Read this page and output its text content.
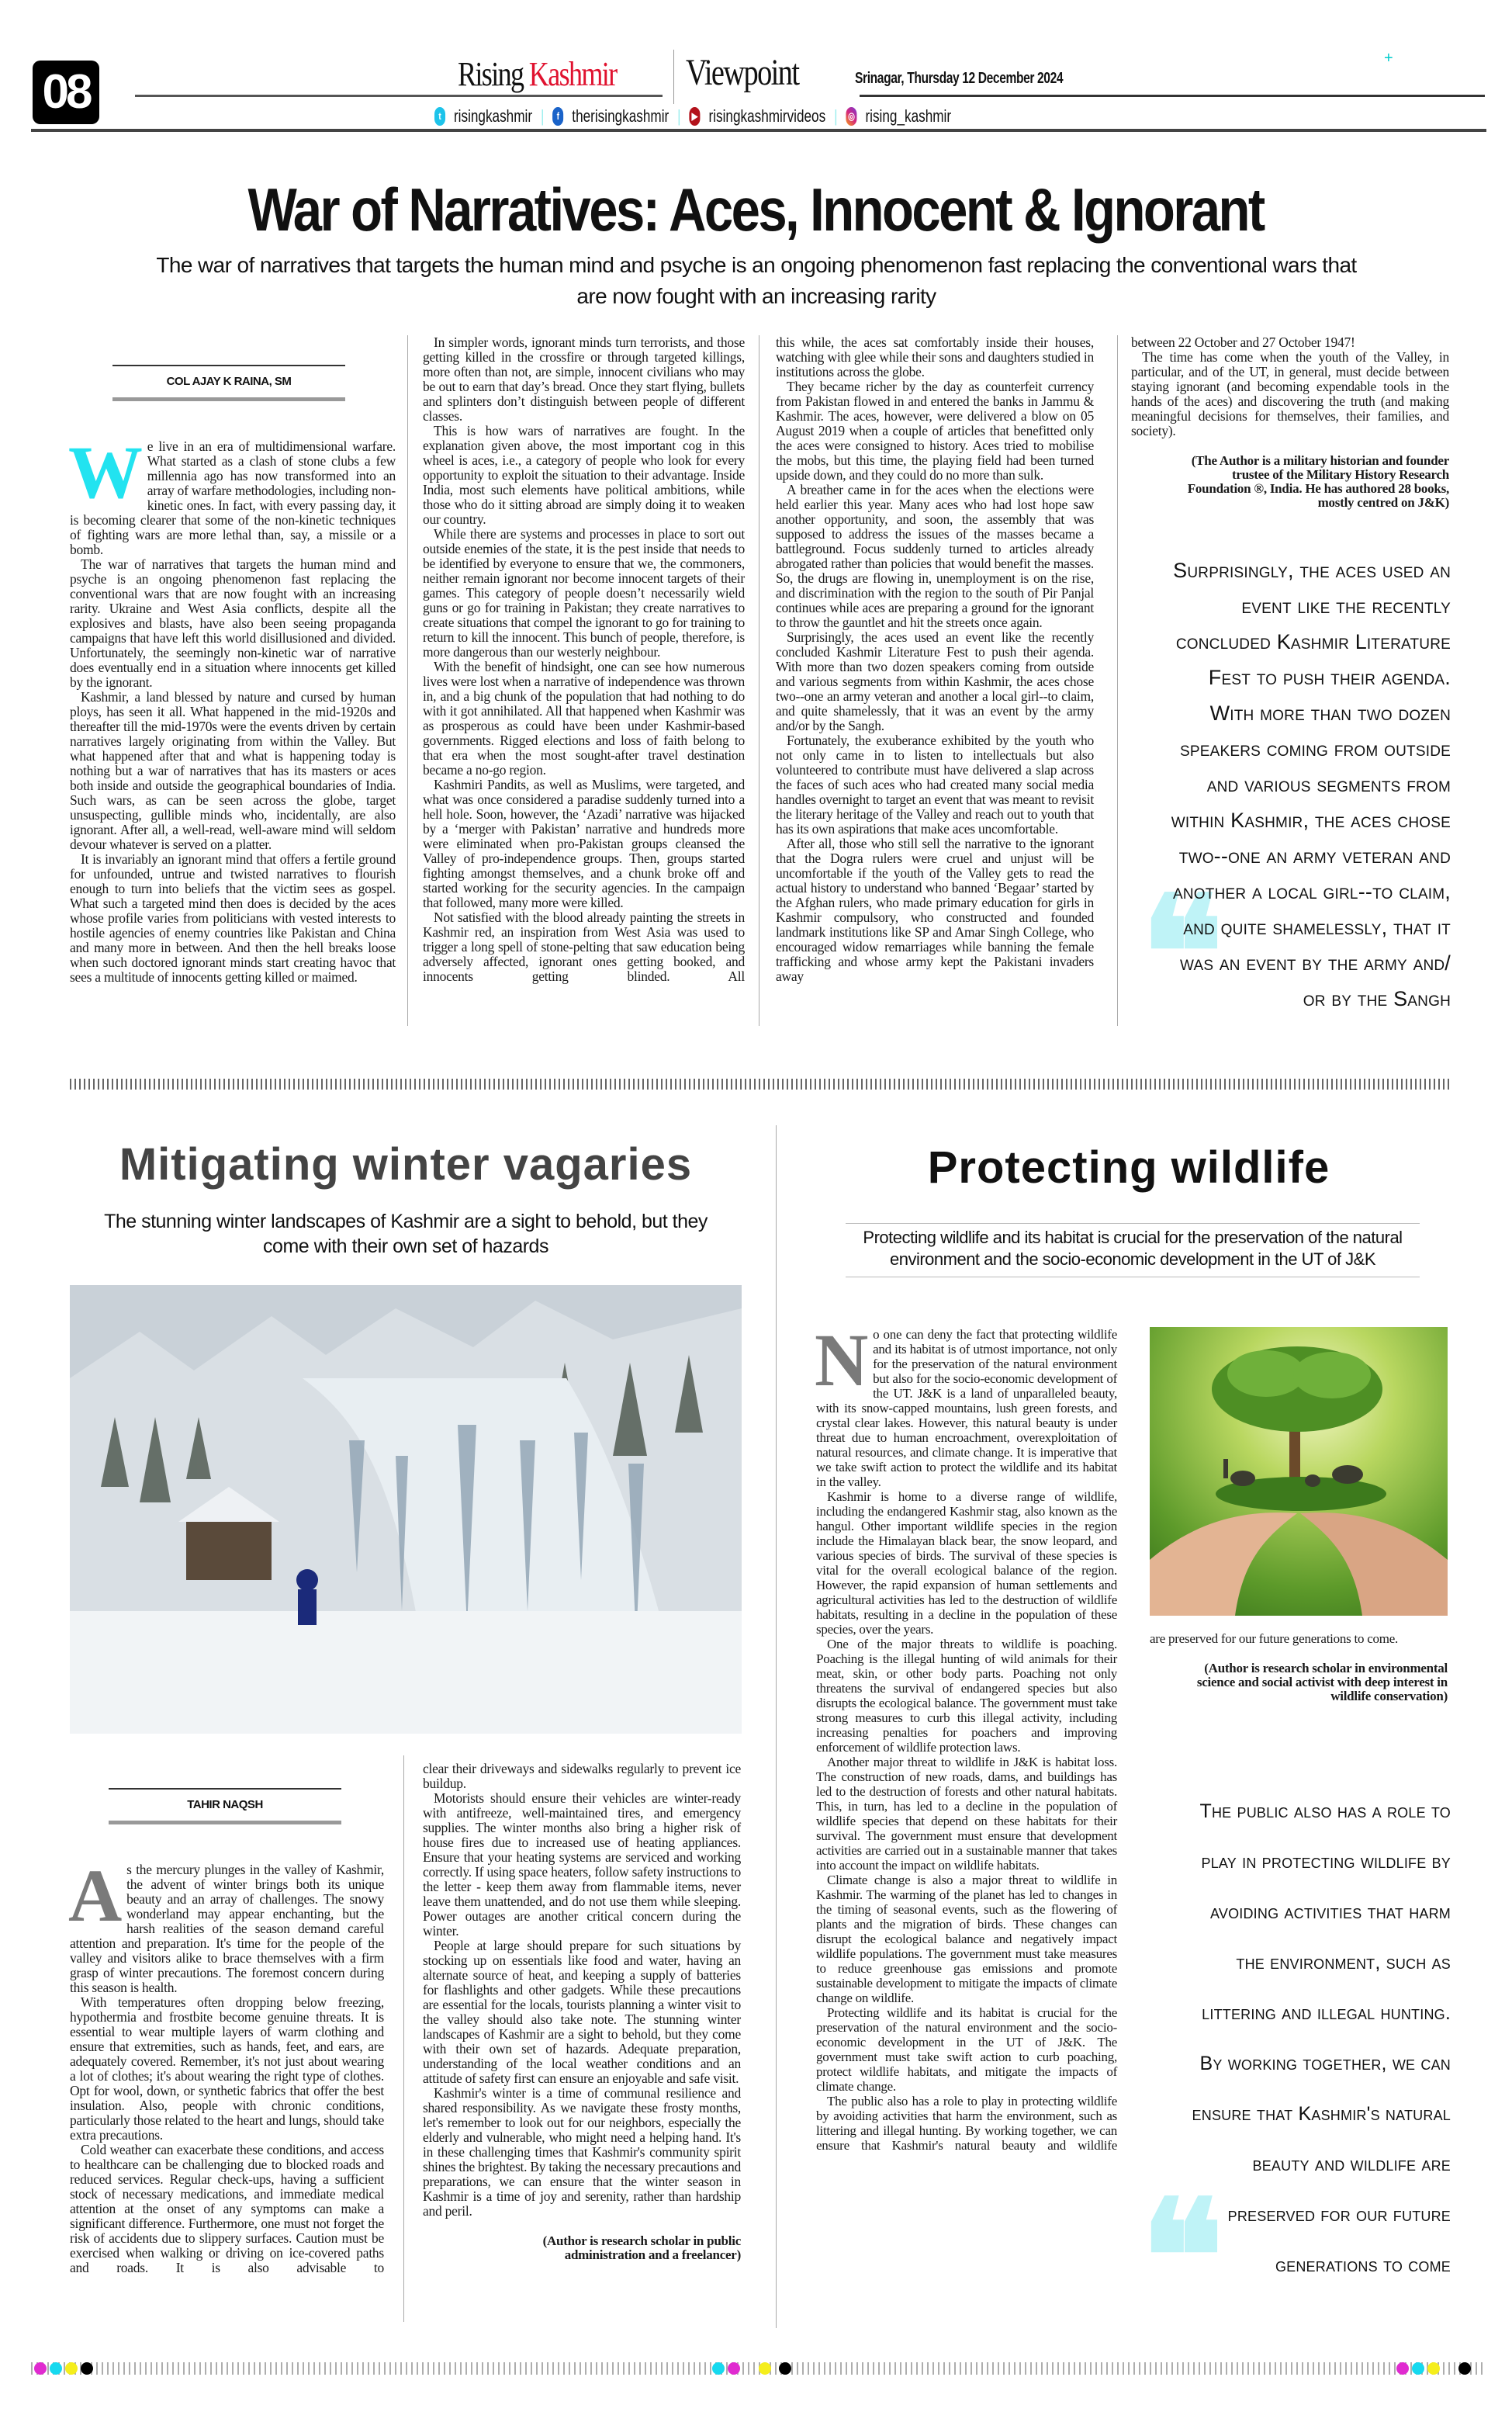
08	Rising Kashmir Viewpoint	Srinagar, Thursday 12 December 2024
+
t risingkashmir |	f therisingkashmir | ▶ risingkashmirvideos | ◎ rising_kashmir
War of Narratives: Aces, Innocent & Ignorant
The war of narratives that targets the human mind and psyche is an ongoing phenomenon fast replacing the conventional wars that are now fought with an increasing rarity
COL AJAY K RAINA, SM
W e live in an era of multidimensional warfare. What started as a clash of stone clubs a few millennia ago has now transformed into an array of warfare methodologies, including non-kinetic ones. In fact, with every passing day, it is becoming clearer that some of the non-kinetic techniques of fighting wars are more lethal than, say, a missile or a bomb.

The war of narratives that targets the human mind and psyche is an ongoing phenomenon fast replacing the conventional wars that are now fought with an increasing rarity. Ukraine and West Asia conflicts, despite all the explosives and blasts, have also been seeing propaganda campaigns that have left this world disillusioned and divided. Unfortunately, the seemingly non-kinetic war of narrative does eventually end in a situation where innocents get killed by the ignorant.

Kashmir, a land blessed by nature and cursed by human ploys, has seen it all. What happened in the mid-1920s and thereafter till the mid-1970s were the events driven by certain narratives largely originating from within the Valley. But what happened after that and what is happening today is nothing but a war of narratives that has its masters or aces both inside and outside the geographical boundaries of India. Such wars, as can be seen across the globe, target unsuspecting, gullible minds who, incidentally, are also ignorant. After all, a well-read, well-aware mind will seldom devour whatever is served on a platter.

It is invariably an ignorant mind that offers a fertile ground for unfounded, untrue and twisted narratives to flourish enough to turn into beliefs that the victim sees as gospel. What such a targeted mind then does is decided by the aces whose profile varies from politicians with vested interests to hostile agencies of enemy countries like Pakistan and China and many more in between. And then the hell breaks loose when such doctored ignorant minds start creating havoc that sees a multitude of innocents getting killed or maimed.

In simpler words, ignorant minds turn terrorists, and those getting killed in the crossfire or through targeted killings, more often than not, are simple, innocent civilians who may be out to earn that day’s bread. Once they start flying, bullets and splinters don’t distinguish between people of different classes.

This is how wars of narratives are fought. In the explanation given above, the most important cog in this wheel is aces, i.e., a category of people who look for every opportunity to exploit the situation to their advantage. Inside India, most such elements have political ambitions, while those who do it sitting abroad are simply doing it to weaken our country.

While there are systems and processes in place to sort out outside enemies of the state, it is the pest inside that needs to be identified by everyone to ensure that we, the commoners, neither remain ignorant nor become innocent targets of their games. This category of people doesn’t necessarily wield guns or go for training in Pakistan; they create narratives to create situations that compel the ignorant to go for training to return to kill the innocent. This bunch of people, therefore, is more dangerous than our westerly neighbour.

With the benefit of hindsight, one can see how numerous lives were lost when a narrative of independence was thrown in, and a big chunk of the population that had nothing to do with it got annihilated. All that happened when Kashmir was as prosperous as could have been under Kashmir-based governments. Rigged elections and loss of faith belong to that era when the most sought-after travel destination became a no-go region.

Kashmiri Pandits, as well as Muslims, were targeted, and what was once considered a paradise suddenly turned into a hell hole. Soon, however, the ‘Azadi’ narrative was hijacked by a ‘merger with Pakistan’ narrative and hundreds more were eliminated when pro-Pakistan groups cleansed the Valley of pro-independence groups. Then, groups started fighting amongst themselves, and a chunk broke off and started working for the security agencies. In the campaign that followed, many more were killed.

Not satisfied with the blood already painting the streets in Kashmir red, an inspiration from West Asia was used to trigger a long spell of stone-pelting that saw education being adversely affected, ignorant ones getting booked, and innocents getting blinded. All

this while, the aces sat comfortably inside their houses, watching with glee while their sons and daughters studied in institutions across the globe.

They became richer by the day as counterfeit currency from Pakistan flowed in and entered the banks in Jammu & Kashmir. The aces, however, were delivered a blow on 05 August 2019 when a couple of articles that benefitted only the aces were consigned to history. Aces tried to mobilise the mobs, but this time, the playing field had been turned upside down, and they could do no more than sulk.

A breather came in for the aces when the elections were held earlier this year. Many aces who had lost hope saw another opportunity, and soon, the assembly that was supposed to address the issues of the masses became a battleground. Focus suddenly turned to articles already abrogated rather than policies that would benefit the masses. So, the drugs are flowing in, unemployment is on the rise, and discrimination with the region to the south of Pir Panjal continues while aces are preparing a ground for the ignorant to throw the gauntlet and hit the streets once again.

Surprisingly, the aces used an event like the recently concluded Kashmir Literature Fest to push their agenda. With more than two dozen speakers coming from outside and various segments from within Kashmir, the aces chose two--one an army veteran and another a local girl--to claim, and quite shamelessly, that it was an event by the army and/or by the Sangh.

Fortunately, the exuberance exhibited by the youth who not only came in to listen to intellectuals but also volunteered to contribute must have delivered a slap across the faces of such aces who had created many social media handles overnight to target an event that was meant to revisit the literary heritage of the Valley and reach out to youth that has its own aspirations that make aces uncomfortable.

After all, those who still sell the narrative to the ignorant that the Dogra rulers were cruel and unjust will be uncomfortable if the youth of the Valley gets to read the actual history to understand who banned ‘Begaar’ started by the Afghan rulers, who made primary education for girls in Kashmir compulsory, who constructed and founded landmark institutions like SP and Amar Singh College, who encouraged widow remarriages while banning the female trafficking and whose army kept the Pakistani invaders away

between 22 October and 27 October 1947!

The time has come when the youth of the Valley, in particular, and of the UT, in general, must decide between staying ignorant (and becoming expendable tools in the hands of the aces) and discovering the truth (and making meaningful decisions for themselves, their families, and society).

(The Author is a military historian and founder trustee of the Military History Research Foundation ®, India. He has authored 28 books, mostly centred on J&K)

❝
Surprisingly, the aces used an
event like the recently
concluded Kashmir Literature
Fest to push their agenda.
With more than two dozen
speakers coming from outside
and various segments from
within Kashmir, the aces chose
two--one an army veteran and
another a local girl--to claim,
and quite shamelessly, that it
was an event by the army and/
or by the Sangh
Mitigating winter vagaries
The stunning winter landscapes of Kashmir are a sight to behold, but they come with their own set of hazards
TAHIR NAQSH
A s the mercury plunges in the valley of Kashmir, the advent of winter brings both its unique beauty and an array of challenges. The snowy wonderland may appear enchanting, but the harsh realities of the season demand careful attention and preparation. It's time for the people of the valley and visitors alike to brace themselves with a firm grasp of winter precautions. The foremost concern during this season is health.

With temperatures often dropping below freezing, hypothermia and frostbite become genuine threats. It is essential to wear multiple layers of warm clothing and ensure that extremities, such as hands, feet, and ears, are adequately covered. Remember, it's not just about wearing a lot of clothes; it's about wearing the right type of clothes. Opt for wool, down, or synthetic fabrics that offer the best insulation. Also, people with chronic conditions, particularly those related to the heart and lungs, should take extra precautions.

Cold weather can exacerbate these conditions, and access to healthcare can be challenging due to blocked roads and reduced services. Regular check-ups, having a sufficient stock of necessary medications, and immediate medical attention at the onset of any symptoms can make a significant difference. Furthermore, one must not forget the risk of accidents due to slippery surfaces. Caution must be exercised when walking or driving on ice-covered paths and roads. It is also advisable to

clear their driveways and sidewalks regularly to prevent ice buildup.

Motorists should ensure their vehicles are winter-ready with antifreeze, well-maintained tires, and emergency supplies. The winter months also bring a higher risk of house fires due to increased use of heating appliances. Ensure that your heating systems are serviced and working correctly. If using space heaters, follow safety instructions to the letter - keep them away from flammable items, never leave them unattended, and do not use them while sleeping. Power outages are another critical concern during the winter.

People at large should prepare for such situations by stocking up on essentials like food and water, having an alternate source of heat, and keeping a supply of batteries for flashlights and other gadgets. While these precautions are essential for the locals, tourists planning a winter visit to the valley should also take note. The stunning winter landscapes of Kashmir are a sight to behold, but they come with their own set of hazards. Adequate preparation, understanding of the local weather conditions and an attitude of safety first can ensure an enjoyable and safe visit.

Kashmir's winter is a time of communal resilience and shared responsibility. As we navigate these frosty months, let's remember to look out for our neighbors, especially the elderly and vulnerable, who might need a helping hand. It's in these challenging times that Kashmir's community spirit shines the brightest. By taking the necessary precautions and preparations, we can ensure that the winter season in Kashmir is a time of joy and serenity, rather than hardship and peril.

(Author is research scholar in public administration and a freelancer)

Protecting wildlife
Protecting wildlife and its habitat is crucial for the preservation of the natural environment and the socio-economic development in the UT of J&K
N o one can deny the fact that protecting wildlife and its habitat is of utmost importance, not only for the preservation of the natural environment but also for the socio-economic development of the UT. J&K is a land of unparalleled beauty, with its snow-capped mountains, lush green forests, and crystal clear lakes. However, this natural beauty is under threat due to human encroachment, overexploitation of natural resources, and climate change. It is imperative that we take swift action to protect the wildlife and its habitat in the valley.

Kashmir is home to a diverse range of wildlife, including the endangered Kashmir stag, also known as the hangul. Other important wildlife species in the region include the Himalayan black bear, the snow leopard, and various species of birds. The survival of these species is vital for the overall ecological balance of the region. However, the rapid expansion of human settlements and agricultural activities has led to the destruction of wildlife habitats, resulting in a decline in the population of these species, over the years.

One of the major threats to wildlife is poaching. Poaching is the illegal hunting of wild animals for their meat, skin, or other body parts. Poaching not only threatens the survival of endangered species but also disrupts the ecological balance. The government must take strong measures to curb this illegal activity, including increasing penalties for poachers and improving enforcement of wildlife protection laws.

Another major threat to wildlife in J&K is habitat loss. The construction of new roads, dams, and buildings has led to the destruction of forests and other natural habitats. This, in turn, has led to a decline in the population of wildlife species that depend on these habitats for their survival. The government must ensure that development activities are carried out in a sustainable manner that takes into account the impact on wildlife habitats.

Climate change is also a major threat to wildlife in Kashmir. The warming of the planet has led to changes in the timing of seasonal events, such as the flowering of plants and the migration of birds. These changes can disrupt the ecological balance and negatively impact wildlife populations. The government must take measures to reduce greenhouse gas emissions and promote sustainable development to mitigate the impacts of climate change on wildlife.

Protecting wildlife and its habitat is crucial for the preservation of the natural environment and the socio-economic development in the UT of J&K. The government must take swift action to curb poaching, protect wildlife habitats, and mitigate the impacts of climate change.

The public also has a role to play in protecting wildlife by avoiding activities that harm the environment, such as littering and illegal hunting. By working together, we can ensure that Kashmir's natural beauty and wildlife

are preserved for our future generations to come.

(Author is research scholar in environmental science and social activist with deep interest in wildlife conservation)

The public also has a role to
play in protecting wildlife by
avoiding activities that harm
the environment, such as
littering and illegal hunting.
By working together, we can
ensure that Kashmir's natural
beauty and wildlife are
preserved for our future
generations to come
❝
